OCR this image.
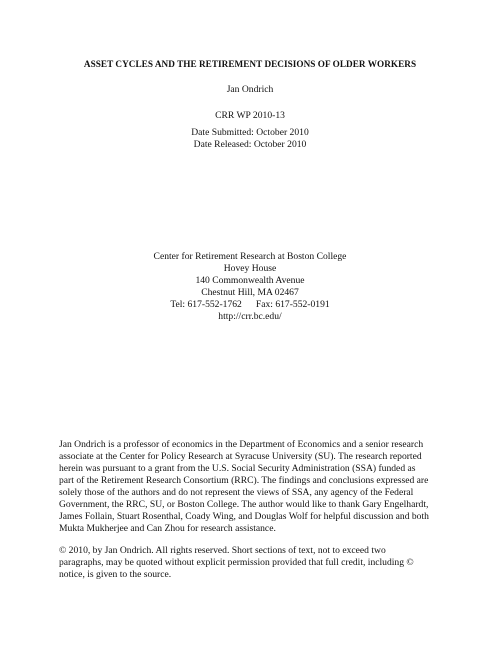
ASSET CYCLES AND THE RETIREMENT DECISIONS OF OLDER WORKERS
Jan Ondrich
CRR WP 2010-13
Date Submitted: October 2010
Date Released: October 2010
Center for Retirement Research at Boston College
Hovey House
140 Commonwealth Avenue
Chestnut Hill, MA 02467
Tel: 617-552-1762 Fax: 617-552-0191
http://crr.bc.edu/
Jan Ondrich is a professor of economics in the Department of Economics and a senior research
associate at the Center for Policy Research at Syracuse University (SU). The research reported
herein was pursuant to a grant from the U.S. Social Security Administration (SSA) funded as
part of the Retirement Research Consortium (RRC). The findings and conclusions expressed are
solely those of the authors and do not represent the views of SSA, any agency of the Federal
Government, the RRC, SU, or Boston College. The author would like to thank Gary Engelhardt,
James Follain, Stuart Rosenthal, Coady Wing, and Douglas Wolf for helpful discussion and both
Mukta Mukherjee and Can Zhou for research assistance.
© 2010, by Jan Ondrich. All rights reserved. Short sections of text, not to exceed two
paragraphs, may be quoted without explicit permission provided that full credit, including ©
notice, is given to the source.
